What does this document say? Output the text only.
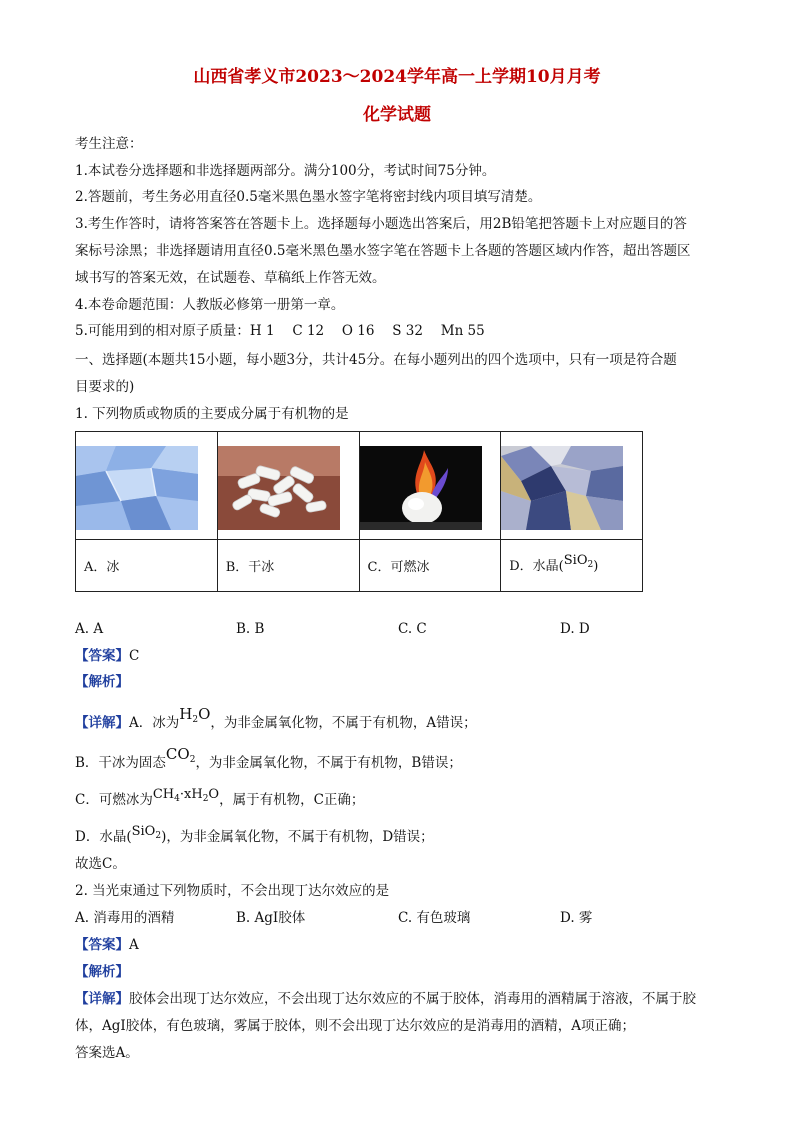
山西省孝义市2023～2024学年高一上学期10月月考
化学试题
考生注意：
1.本试卷分选择题和非选择题两部分。满分100分，考试时间75分钟。
2.答题前，考生务必用直径0.5毫米黑色墨水签字笔将密封线内项目填写清楚。
3.考生作答时，请将答案答在答题卡上。选择题每小题选出答案后，用2B铅笔把答题卡上对应题目的答
案标号涂黑；非选择题请用直径0.5毫米黑色墨水签字笔在答题卡上各题的答题区域内作答，超出答题区
域书写的答案无效，在试题卷、草稿纸上作答无效。
4.本卷命题范围：人教版必修第一册第一章。
5.可能用到的相对原子质量：H 1　 C 12　 O 16　 S 32　 Mn 55
一、选择题(本题共15小题，每小题3分，共计45分。在每小题列出的四个选项中，只有一项是符合题
目要求的)
1. 下列物质或物质的主要成分属于有机物的是

A．冰	B．干冰	C．可燃冰	D．水晶(SiO$_2$)
A. A	B. B	C. C	D. D
【答案】C
【解析】
【详解】A．冰为$H_2O$，为非金属氧化物，不属于有机物，A错误；
B．干冰为固态$CO_2$，为非金属氧化物，不属于有机物，B错误；
C．可燃冰为$CH_4\cdot xH_2O$，属于有机物，C正确；
D．水晶(SiO$_2$)，为非金属氧化物，不属于有机物，D错误；
故选C。
2. 当光束通过下列物质时，不会出现丁达尔效应的是
A. 消毒用的酒精	B. AgI胶体	C. 有色玻璃	D. 雾
【答案】A
【解析】
【详解】胶体会出现丁达尔效应，不会出现丁达尔效应的不属于胶体，消毒用的酒精属于溶液，不属于胶
体，AgI胶体，有色玻璃，雾属于胶体，则不会出现丁达尔效应的是消毒用的酒精，A项正确；
答案选A。
